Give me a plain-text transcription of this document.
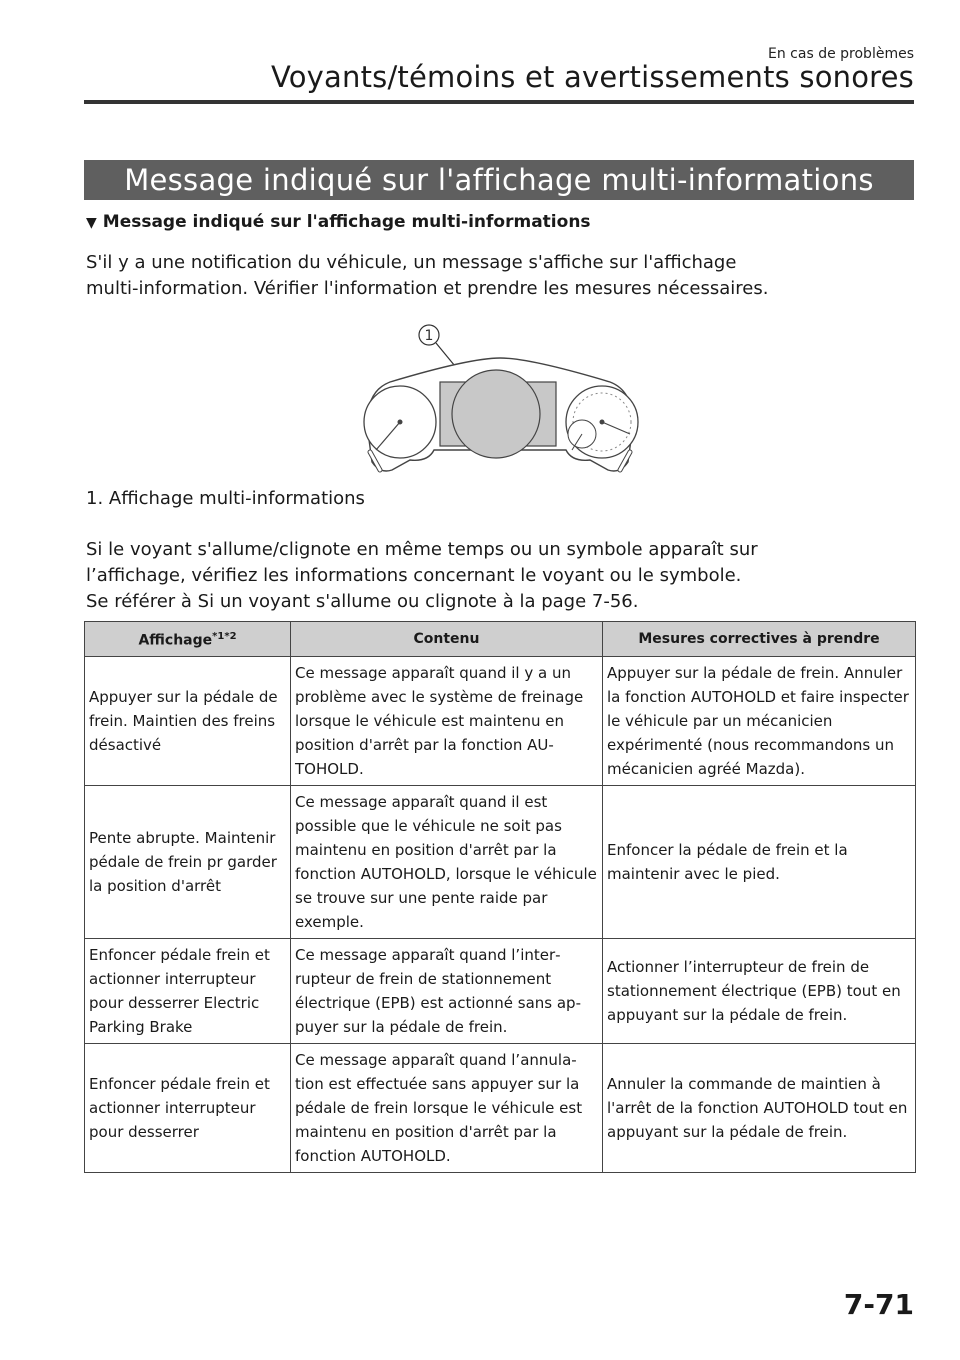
En cas de problèmes
Voyants/témoins et avertissements sonores
Message indiqué sur l'affichage multi-informations
▼ Message indiqué sur l'affichage multi-informations
S'il y a une notification du véhicule, un message s'affiche sur l'affichage
multi-information. Vérifier l'information et prendre les mesures nécessaires.
1
1. Affichage multi-informations
Si le voyant s'allume/clignote en même temps ou un symbole apparaît sur
l’affichage, vérifiez les informations concernant le voyant ou le symbole.
Se référer à Si un voyant s'allume ou clignote à la page 7-56.
Affichage$^{*1*2}$	Contenu	Mesures correctives à prendre
Appuyer sur la pédale de frein. Maintien des freins désactivé	Ce message apparaît quand il y a un problème avec le système de freinage lorsque le véhicule est maintenu en position d'arrêt par la fonction AUTOHOLD.	Appuyer sur la pédale de frein. Annuler la fonction AUTOHOLD et faire inspecter le véhicule par un mécanicien expérimenté (nous recommandons un mécanicien agréé Mazda).
Pente abrupte. Maintenir pédale de frein pr garder la position d'arrêt	Ce message apparaît quand il est possible que le véhicule ne soit pas maintenu en position d'arrêt par la fonction AUTOHOLD, lorsque le véhicule se trouve sur une pente raide par exemple.	Enfoncer la pédale de frein et la maintenir avec le pied.
Enfoncer pédale frein et actionner interrupteur pour desserrer Electric Parking Brake	Ce message apparaît quand l’interrupteur de frein de stationnement électrique (EPB) est actionné sans appuyer sur la pédale de frein.	Actionner l’interrupteur de frein de stationnement électrique (EPB) tout en appuyant sur la pédale de frein.
Enfoncer pédale frein et actionner interrupteur pour desserrer	Ce message apparaît quand l’annulation est effectuée sans appuyer sur la pédale de frein lorsque le véhicule est maintenu en position d'arrêt par la fonction AUTOHOLD.	Annuler la commande de maintien à l'arrêt de la fonction AUTOHOLD tout en appuyant sur la pédale de frein.
7-71
